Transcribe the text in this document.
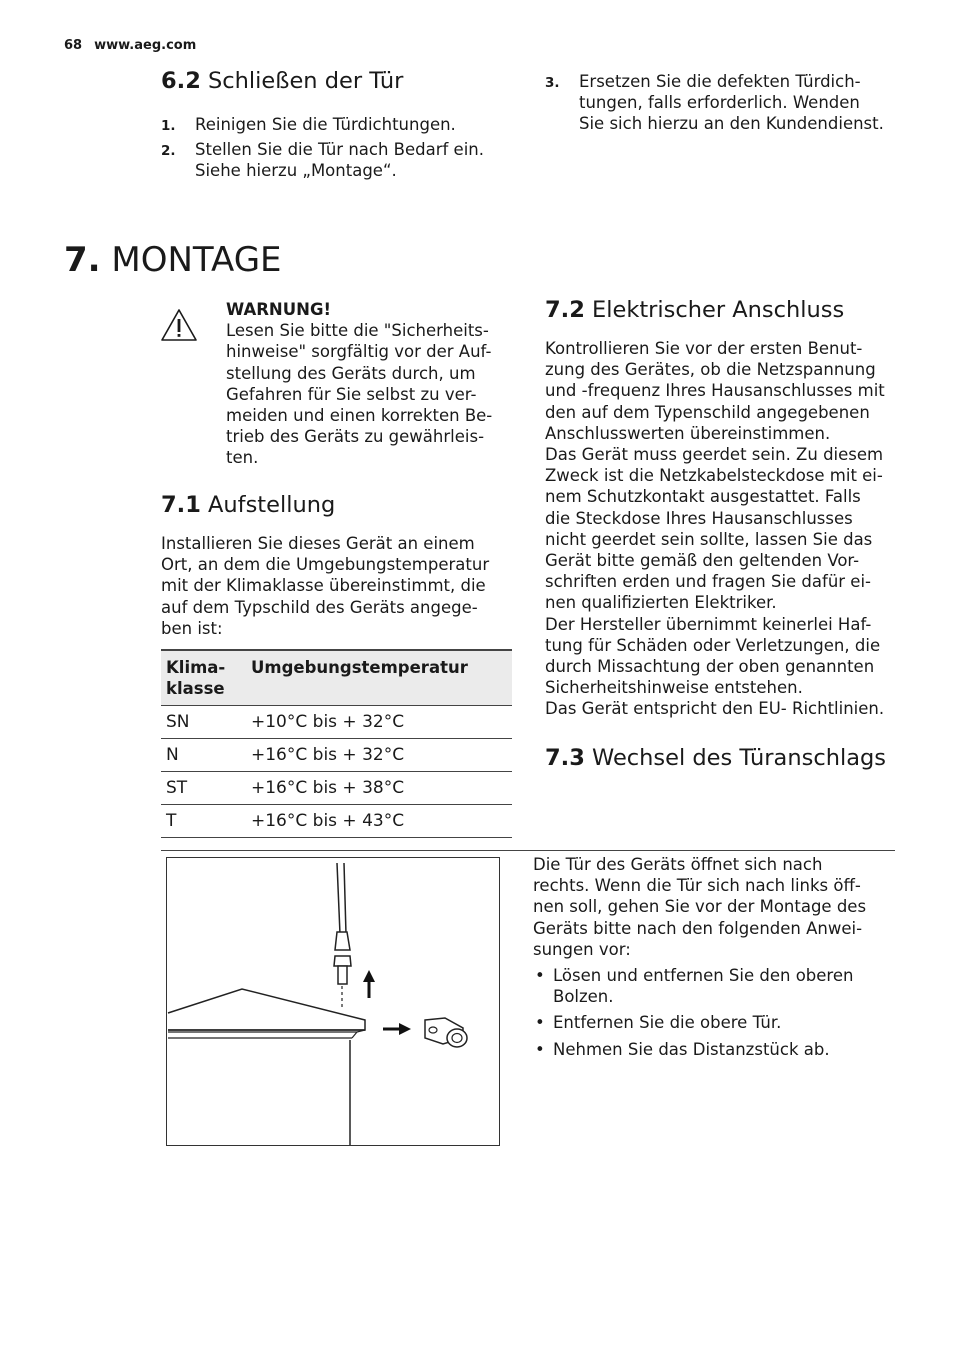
68 www.aeg.com
6.2 Schließen der Tür
1. Reinigen Sie die Türdichtungen.
2. Stellen Sie die Tür nach Bedarf ein.
Siehe hierzu „Montage“.
3. Ersetzen Sie die defekten Türdich-
tungen, falls erforderlich. Wenden
Sie sich hierzu an den Kundendienst.
7. MONTAGE
WARNUNG!
Lesen Sie bitte die "Sicherheits-
hinweise" sorgfältig vor der Auf-
stellung des Geräts durch, um
Gefahren für Sie selbst zu ver-
meiden und einen korrekten Be-
trieb des Geräts zu gewährleis-
ten.
7.1 Aufstellung
Installieren Sie dieses Gerät an einem
Ort, an dem die Umgebungstemperatur
mit der Klimaklasse übereinstimmt, die
auf dem Typschild des Geräts angege-
ben ist:
Klima-
klasse	Umgebungstemperatur

SN	+10°C bis + 32°C
N	+16°C bis + 32°C
ST	+16°C bis + 38°C
T	+16°C bis + 43°C
7.2 Elektrischer Anschluss
Kontrollieren Sie vor der ersten Benut-
zung des Gerätes, ob die Netzspannung
und -frequenz Ihres Hausanschlusses mit
den auf dem Typenschild angegebenen
Anschlusswerten übereinstimmen.
Das Gerät muss geerdet sein. Zu diesem
Zweck ist die Netzkabelsteckdose mit ei-
nem Schutzkontakt ausgestattet. Falls
die Steckdose Ihres Hausanschlusses
nicht geerdet sein sollte, lassen Sie das
Gerät bitte gemäß den geltenden Vor-
schriften erden und fragen Sie dafür ei-
nen qualifizierten Elektriker.
Der Hersteller übernimmt keinerlei Haf-
tung für Schäden oder Verletzungen, die
durch Missachtung der oben genannten
Sicherheitshinweise entstehen.
Das Gerät entspricht den EU- Richtlinien.
7.3 Wechsel des Türanschlags
Die Tür des Geräts öffnet sich nach
rechts. Wenn die Tür sich nach links öff-
nen soll, gehen Sie vor der Montage des
Geräts bitte nach den folgenden Anwei-
sungen vor:
• Lösen und entfernen Sie den oberen
Bolzen.
• Entfernen Sie die obere Tür.
• Nehmen Sie das Distanzstück ab.
